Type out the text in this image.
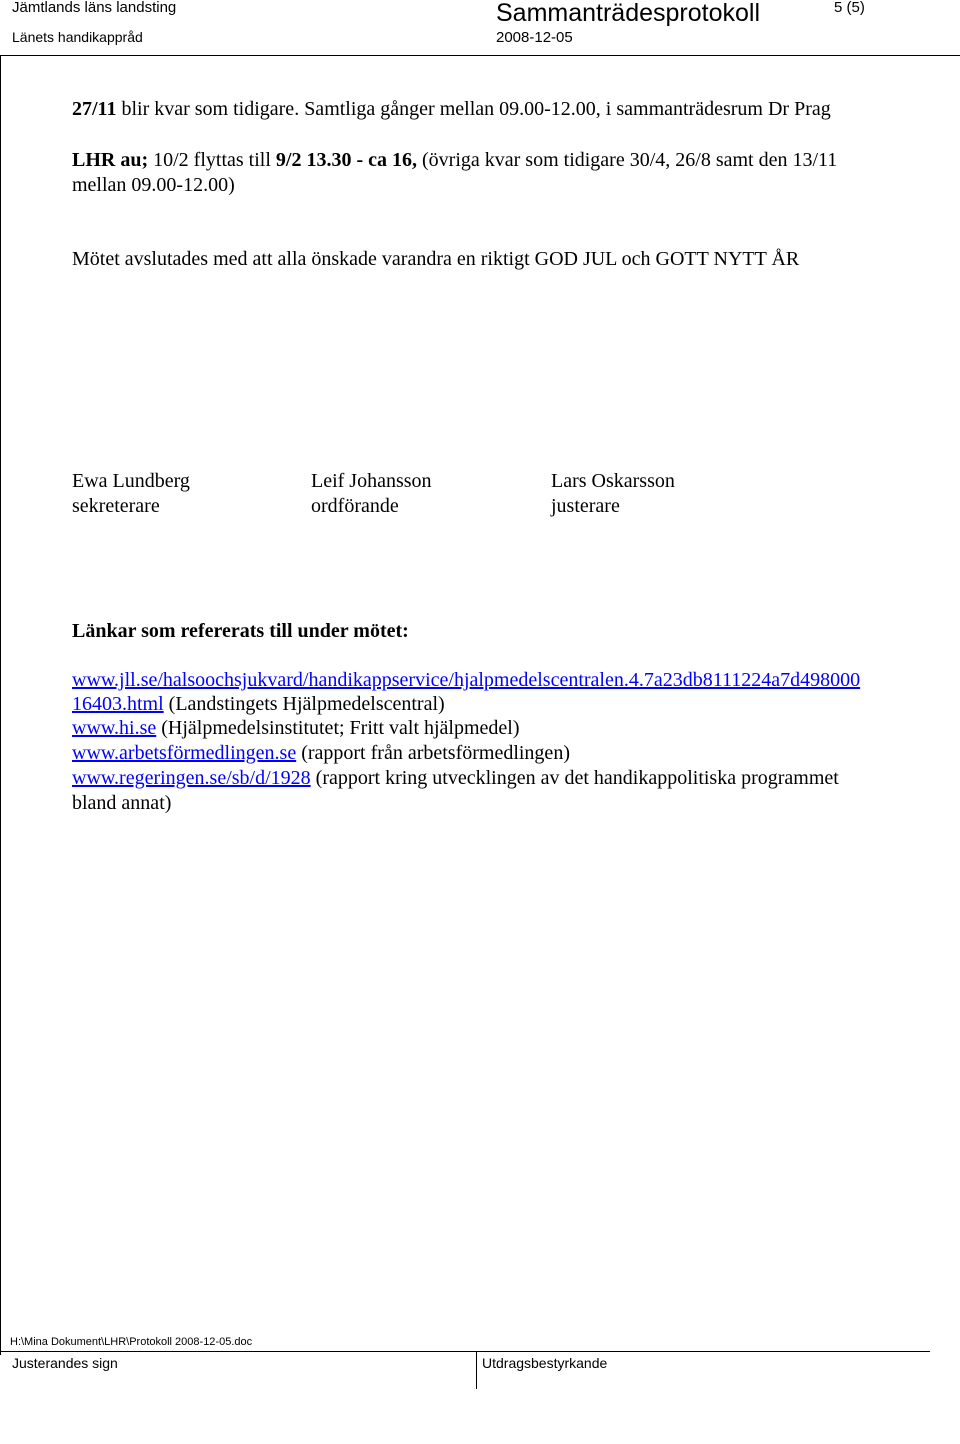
Jämtlands läns landsting
Länets handikappråd
Sammanträdesprotokoll
2008-12-05
5 (5)
27/11 blir kvar som tidigare. Samtliga gånger mellan 09.00-12.00, i sammanträdesrum Dr Prag
LHR au; 10/2 flyttas till 9/2 13.30 - ca 16, (övriga kvar som tidigare 30/4, 26/8 samt den 13/11
mellan 09.00-12.00)
Mötet avslutades med att alla önskade varandra en riktigt GOD JUL och GOTT NYTT ÅR
Ewa Lundberg
sekreterare
Leif Johansson
ordförande
Lars Oskarsson
justerare
Länkar som refererats till under mötet:
www.jll.se/halsoochsjukvard/handikappservice/hjalpmedelscentralen.4.7a23db8111224a7d498000
16403.html (Landstingets Hjälpmedelscentral)
www.hi.se (Hjälpmedelsinstitutet; Fritt valt hjälpmedel)
www.arbetsförmedlingen.se (rapport från arbetsförmedlingen)
www.regeringen.se/sb/d/1928 (rapport kring utvecklingen av det handikappolitiska programmet
bland annat)
H:\Mina Dokument\LHR\Protokoll 2008-12-05.doc
Justerandes sign	Utdragsbestyrkande
